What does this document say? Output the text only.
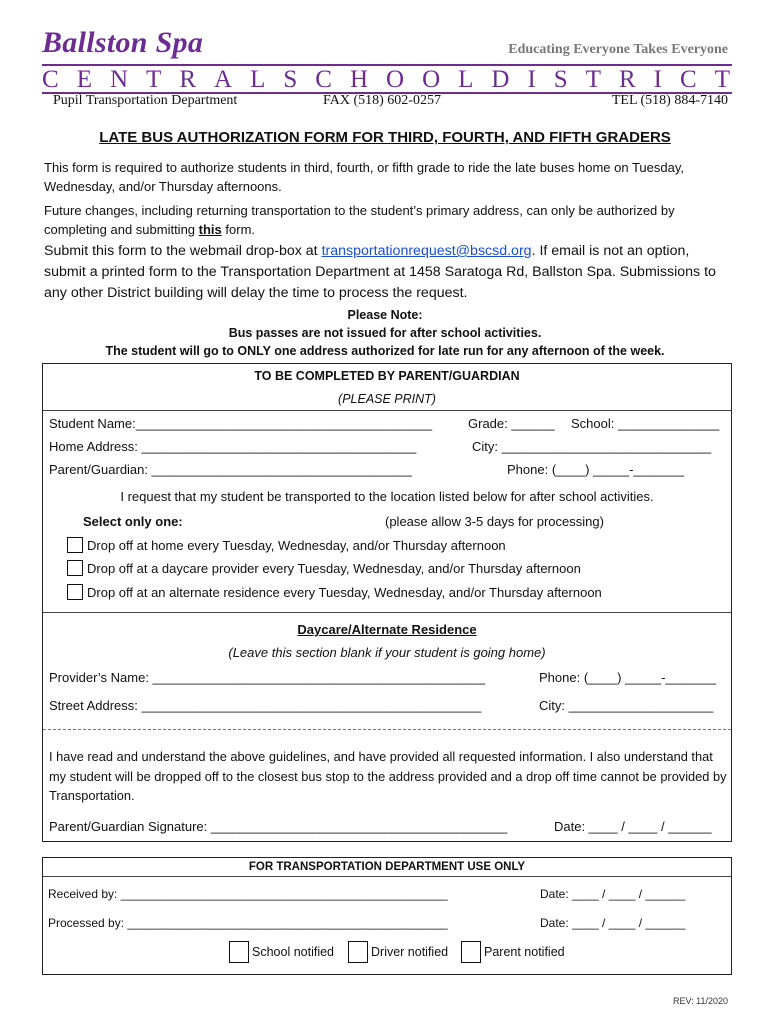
Ballston Spa	Educating Everyone Takes Everyone
C E N T R A L S C H O O L D I S T R I C T
Pupil Transportation Department	FAX (518) 602-0257	TEL (518) 884-7140
LATE BUS AUTHORIZATION FORM FOR THIRD, FOURTH, AND FIFTH GRADERS
This form is required to authorize students in third, fourth, or fifth grade to ride the late buses home on Tuesday, Wednesday, and/or Thursday afternoons.
Future changes, including returning transportation to the student’s primary address, can only be authorized by completing and submitting this form.
Submit this form to the webmail drop-box at transportationrequest@bscsd.org. If email is not an option, submit a printed form to the Transportation Department at 1458 Saratoga Rd, Ballston Spa. Submissions to any other District building will delay the time to process the request.
Please Note:
Bus passes are not issued for after school activities.
The student will go to ONLY one address authorized for late run for any afternoon of the week.
TO BE COMPLETED BY PARENT/GUARDIAN
(PLEASE PRINT)
Student Name:_________________________________________	Grade: ______ School: ______________
Home Address: ______________________________________	City: _____________________________
Parent/Guardian: ____________________________________	Phone: (____) _____-_______
I request that my student be transported to the location listed below for after school activities.
Select only one:	(please allow 3-5 days for processing)
Drop off at home every Tuesday, Wednesday, and/or Thursday afternoon
Drop off at a daycare provider every Tuesday, Wednesday, and/or Thursday afternoon
Drop off at an alternate residence every Tuesday, Wednesday, and/or Thursday afternoon
Daycare/Alternate Residence
(Leave this section blank if your student is going home)
Provider’s Name: ______________________________________________	Phone: (____) _____-_______
Street Address: _______________________________________________	City: ____________________
I have read and understand the above guidelines, and have provided all requested information. I also understand that my student will be dropped off to the closest bus stop to the address provided and a drop off time cannot be provided by Transportation.
Parent/Guardian Signature: _________________________________________	Date: ____ / ____ / ______
FOR TRANSPORTATION DEPARTMENT USE ONLY
Received by: _________________________________________________	Date: ____ / ____ / ______
Processed by: ________________________________________________	Date: ____ / ____ / ______
School notified	Driver notified	Parent notified
REV: 11/2020
